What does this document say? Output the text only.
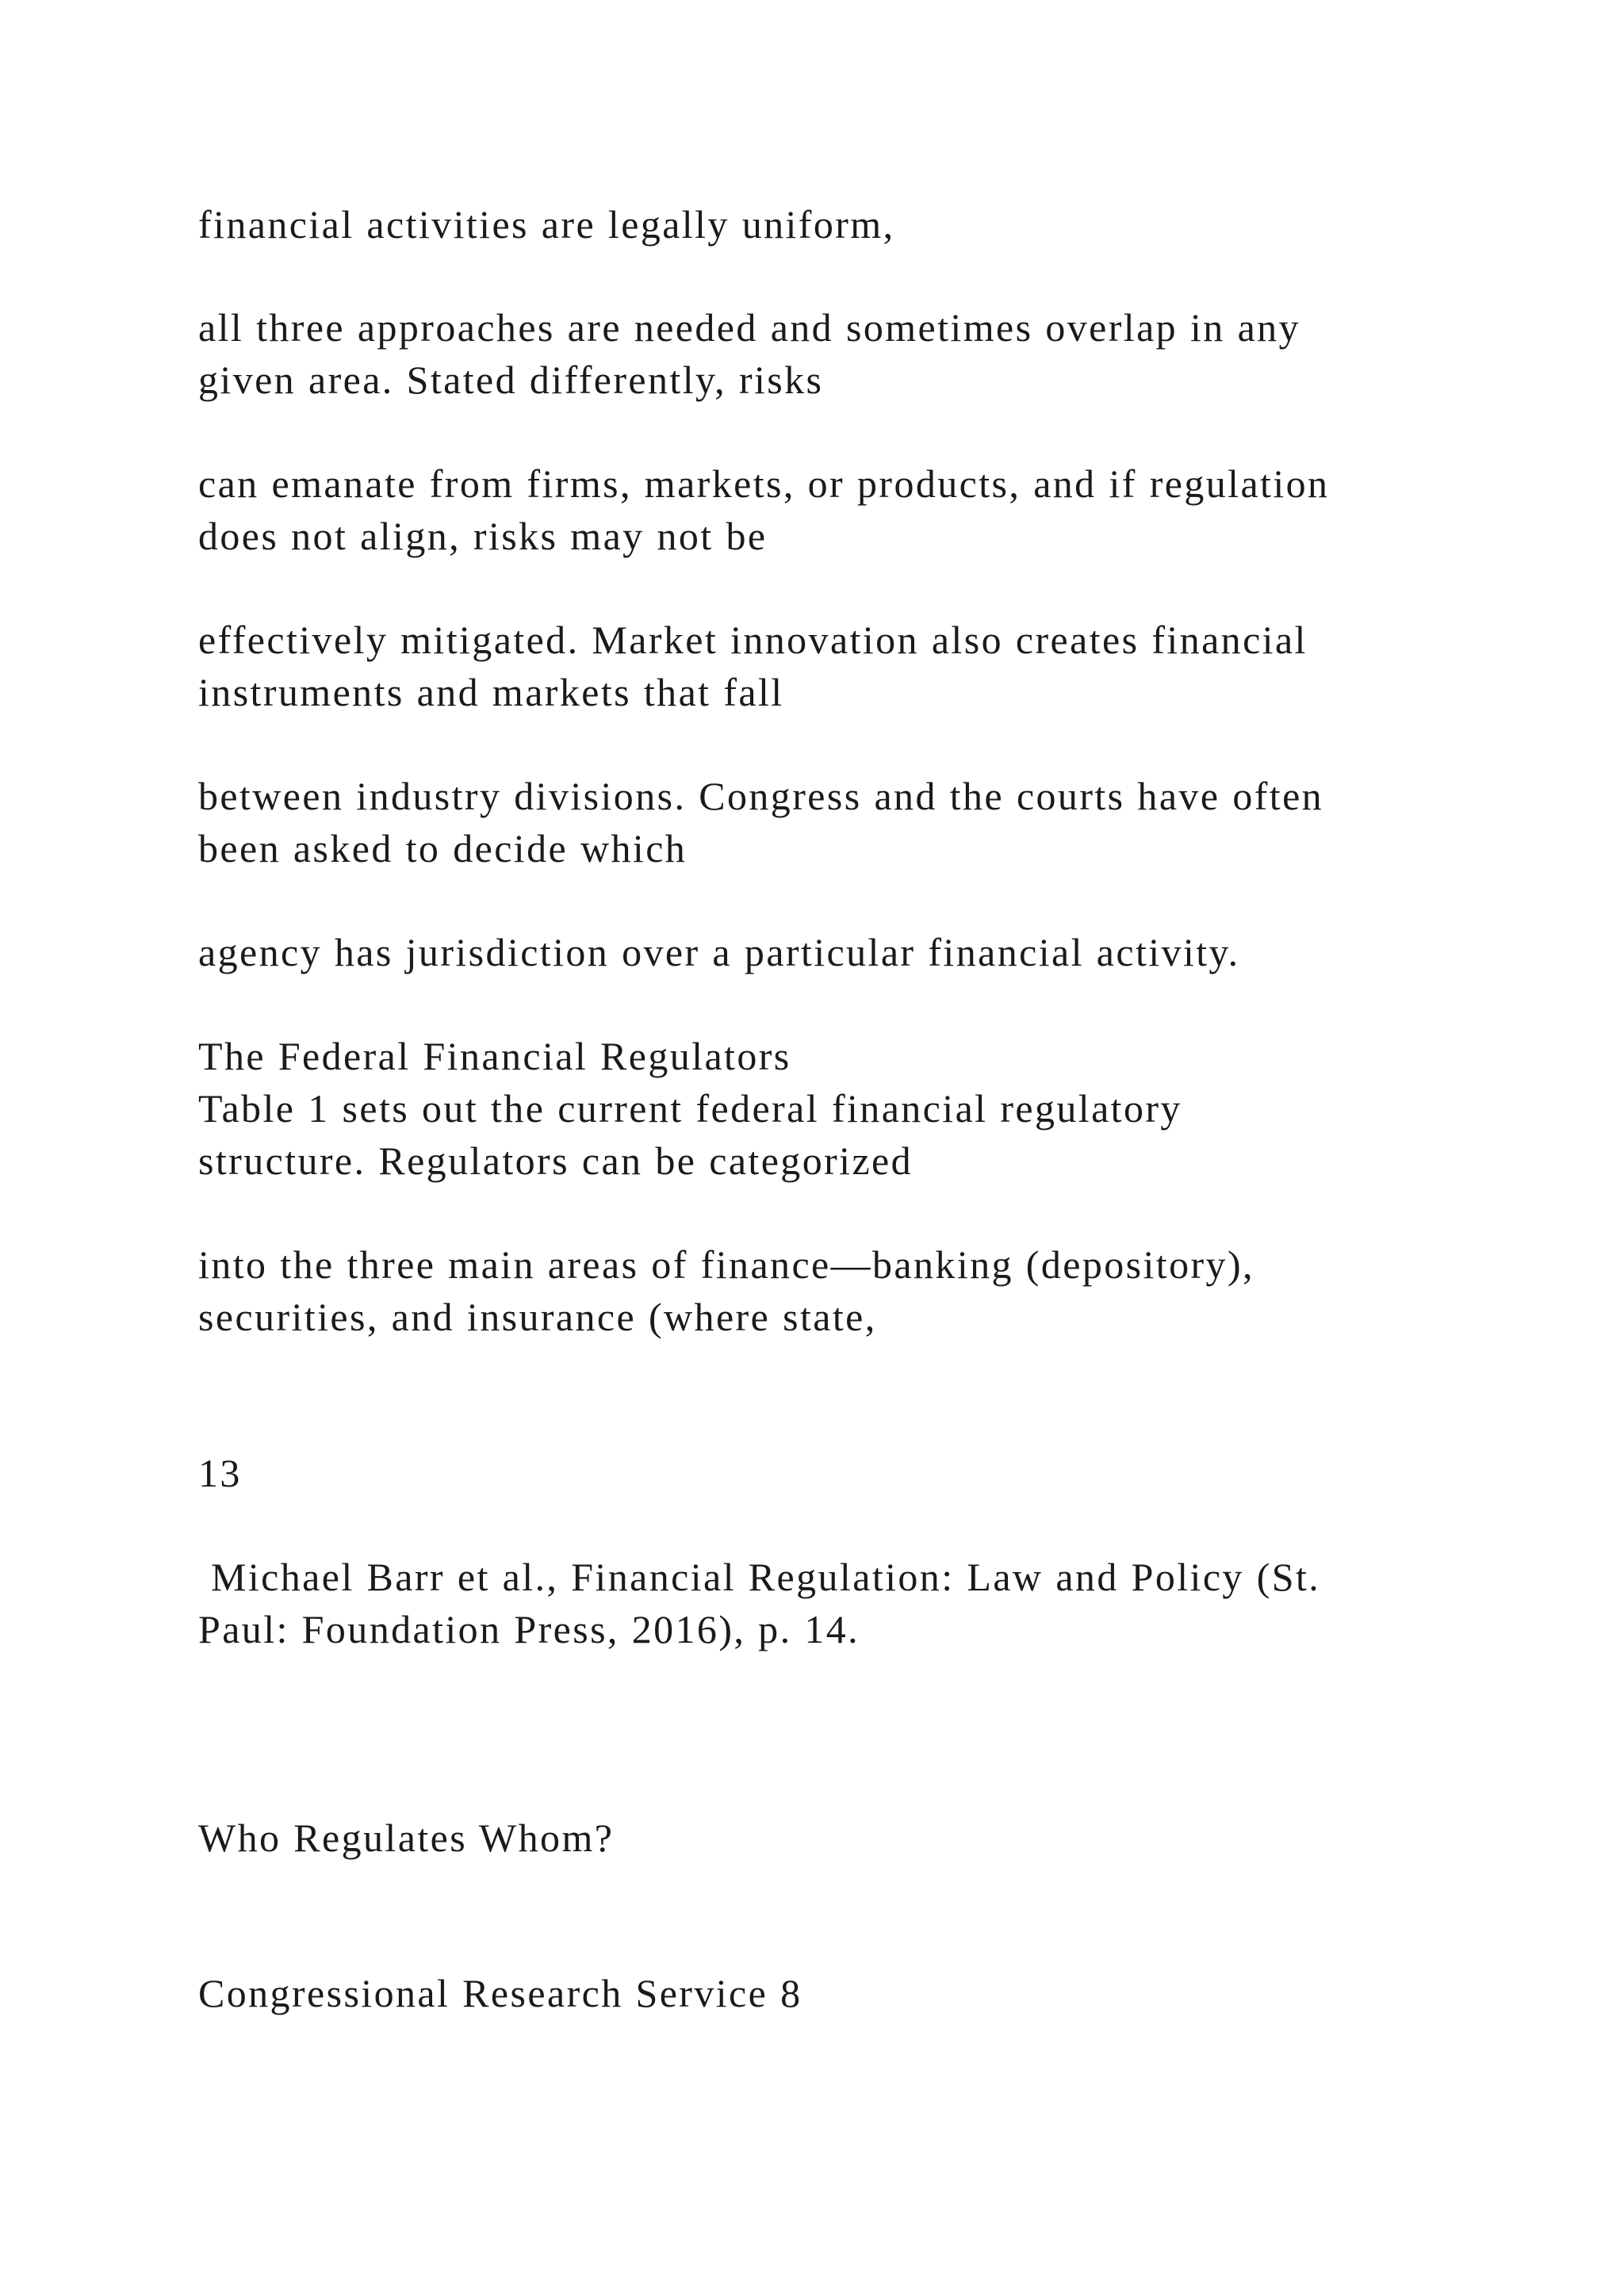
financial activities are legally uniform,

all three approaches are needed and sometimes overlap in any

given area. Stated differently, risks

can emanate from firms, markets, or products, and if regulation

does not align, risks may not be

effectively mitigated. Market innovation also creates financial

instruments and markets that fall

between industry divisions. Congress and the courts have often

been asked to decide which

agency has jurisdiction over a particular financial activity.

The Federal Financial Regulators

Table 1 sets out the current federal financial regulatory

structure. Regulators can be categorized

into the three main areas of finance—banking (depository),

securities, and insurance (where state,

13

Michael Barr et al., Financial Regulation: Law and Policy (St.

Paul: Foundation Press, 2016), p. 14.

Who Regulates Whom?

Congressional Research Service 8
